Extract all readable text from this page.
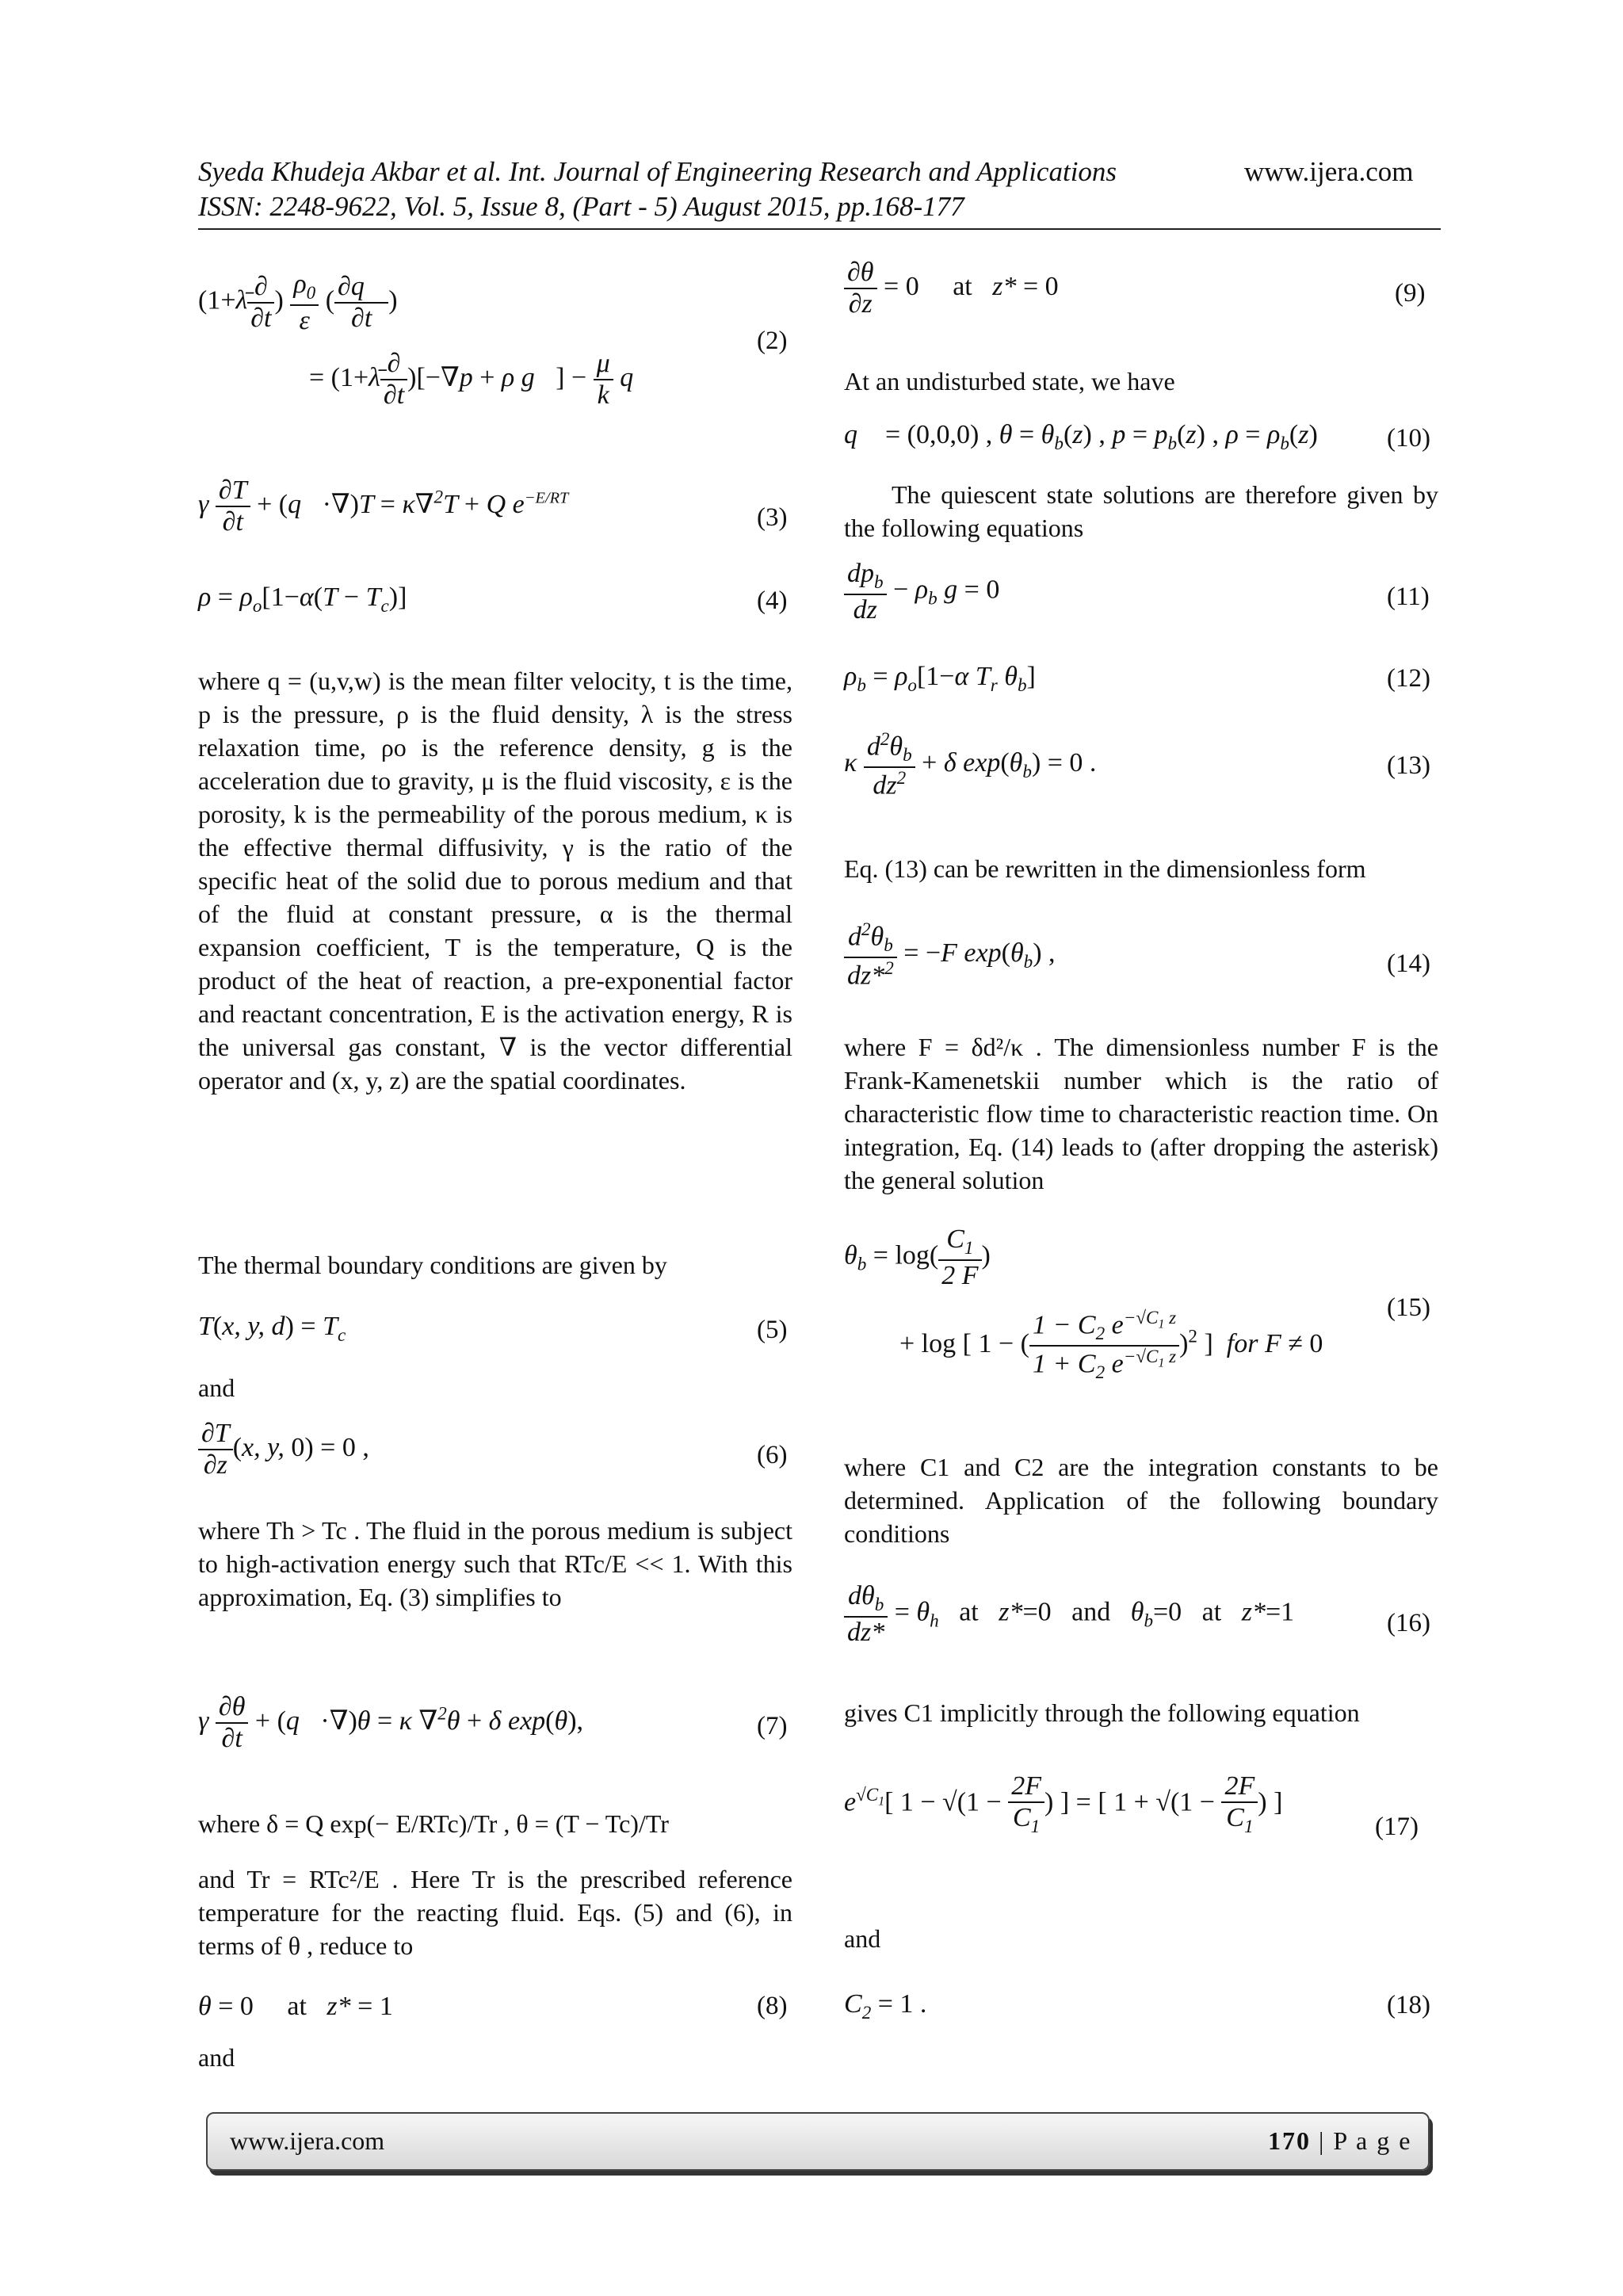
Syeda Khudeja Akbar et al. Int. Journal of Engineering Research and Applications	www.ijera.com
ISSN: 2248-9622, Vol. 5, Issue 8, (Part - 5) August 2015, pp.168-177
(1+λ̄ $\frac{\partial}{\partial t}$ ) $\frac{\rho_0}{\varepsilon}$ ( $\frac{\partial q⃗}{\partial t}$ )
= (1+λ̄ $\frac{\partial}{\partial t} )[-\nabla p + \rho$ g⃗] − $\frac{\mu}{k}$ q⃗
(2)
γ $\frac{\partial T}{\partial t}$ + (q⃗·∇)T = κ∇$^2$T + Q $e^{-E/RT}$
(3)
$\rho = \rho_o[1-\alpha(T - T_c)]$	(4)
where q = (u,v,w) is the mean filter velocity, t is the time, p is the pressure, ρ is the fluid density, λ is the stress relaxation time, ρo is the reference density, g is the acceleration due to gravity, μ is the fluid viscosity, ε is the porosity, k is the permeability of the porous medium, κ is the effective thermal diffusivity, γ is the ratio of the specific heat of the solid due to porous medium and that of the fluid at constant pressure, α is the thermal expansion coefficient, T is the temperature, Q is the product of the heat of reaction, a pre-exponential factor and reactant concentration, E is the activation energy, R is the universal gas constant, ∇ is the vector differential operator and (x, y, z) are the spatial coordinates.
The thermal boundary conditions are given by
T(x, y, $d) = T_c$	(5)
and
$\frac{\partial T}{\partial z} (x$, y, 0) = 0 ,	(6)
where Th > Tc . The fluid in the porous medium is subject to high-activation energy such that RTc/E << 1. With this approximation, Eq. (3) simplifies to
γ $\frac{\partial\theta}{\partial t}$ + (q⃗·∇)θ = κ ∇$^2$θ + δ exp(θ),	(7)
where δ = Q exp(− E/RTc)/Tr , θ = (T − Tc)/Tr
and Tr = RTc²/E . Here Tr is the prescribed reference temperature for the reacting fluid. Eqs. (5) and (6), in terms of θ , reduce to
θ = 0     at   z* = 1	(8)
and
$\frac{\partial\theta}{\partial z} = 0$     at   z* = 0	(9)
At an undisturbed state, we have
q⃗ = (0,0,0) , $\theta = \theta_b(z)$ , $p = p_b(z)$ , $\rho = \rho_b(z)$	(10)
The quiescent state solutions are therefore given by the following equations
$\frac{dp_b}{dz} - \rho_b$ g = 0	(11)
$\rho_b = \rho_o[1-\alpha$ $T_r$ $\theta_b$]	(12)
κ $\frac{d^2\theta_b}{dz^2} + \delta$ $\exp(\theta_b) = 0$ .	(13)
Eq. (13) can be rewritten in the dimensionless form
$\frac{d^2\theta_b}{dz*^2} = -F$ $\exp(\theta_b)$ ,	(14)
where F = δd²/κ . The dimensionless number F is the Frank-Kamenetskii number which is the ratio of characteristic flow time to characteristic reaction time. On integration, Eq. (14) leads to (after dropping the asterisk) the general solution
$\theta_b = \log( \frac{C_1}{2 F}$ )
+ log [ 1 − ( $\frac{1 - C_2 e^{-√C_1 z}}{1 + C_2 e^{-√C_1 z}} )^2$ ]  for F ≠ 0
(15)
where C1 and C2 are the integration constants to be determined. Application of the following boundary conditions
$\frac{d\theta_b}{dz*} = \theta_h$   at   z*=0   and   $\theta_b=0$   at   z*=1	(16)
gives C1 implicitly through the following equation
$e^{√C_1}$[ $1 - √(1 - \frac{2F}{C_1}$ ) ] = [ $1 + √(1 - \frac{2F}{C_1}$ ) ]
(17)
and
$C_2 = 1$ .	(18)
www.ijera.com	170 | P a g e
